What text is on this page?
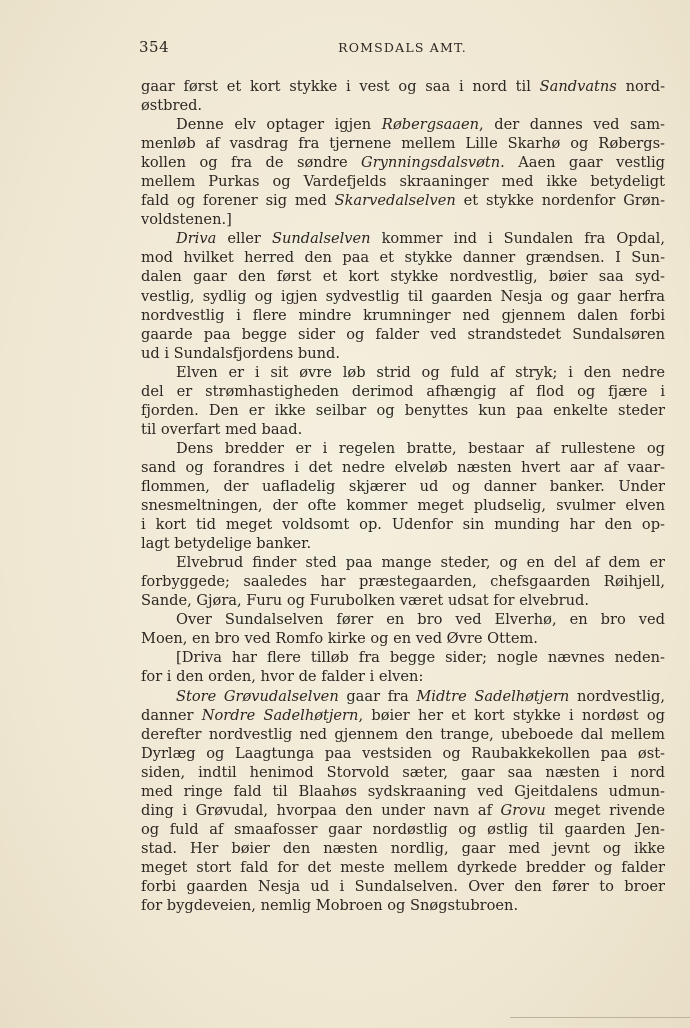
354	ROMSDALS AMT.
gaar først et kort stykke i vest og saa i nord til Sandvatns nord-
østbred.
Denne elv optager igjen Røbergsaaen, der dannes ved sam-
menløb af vasdrag fra tjernene mellem Lille Skarhø og Røbergs-
kollen og fra de søndre Grynningsdalsvøtn. Aaen gaar vestlig
mellem Purkas og Vardefjelds skraaninger med ikke betydeligt
fald og forener sig med Skarvedalselven et stykke nordenfor Grøn-
voldstenen.]
Driva eller Sundalselven kommer ind i Sundalen fra Opdal,
mod hvilket herred den paa et stykke danner grændsen. I Sun-
dalen gaar den først et kort stykke nordvestlig, bøier saa syd-
vestlig, sydlig og igjen sydvestlig til gaarden Nesja og gaar herfra
nordvestlig i flere mindre krumninger ned gjennem dalen forbi
gaarde paa begge sider og falder ved strandstedet Sundalsøren
ud i Sundalsfjordens bund.
Elven er i sit øvre løb strid og fuld af stryk; i den nedre
del er strømhastigheden derimod afhængig af flod og fjære i
fjorden. Den er ikke seilbar og benyttes kun paa enkelte steder
til overfart med baad.
Dens bredder er i regelen bratte, bestaar af rullestene og
sand og forandres i det nedre elveløb næsten hvert aar af vaar-
flommen, der uafladelig skjærer ud og danner banker. Under
snesmeltningen, der ofte kommer meget pludselig, svulmer elven
i kort tid meget voldsomt op. Udenfor sin munding har den op-
lagt betydelige banker.
Elvebrud finder sted paa mange steder, og en del af dem er
forbyggede; saaledes har præstegaarden, chefsgaarden Røihjell,
Sande, Gjøra, Furu og Furubolken været udsat for elvebrud.
Over Sundalselven fører en bro ved Elverhø, en bro ved
Moen, en bro ved Romfo kirke og en ved Øvre Ottem.
[Driva har flere tilløb fra begge sider; nogle nævnes neden-
for i den orden, hvor de falder i elven:
Store Grøvudalselven gaar fra Midtre Sadelhøtjern nordvestlig,
danner Nordre Sadelhøtjern, bøier her et kort stykke i nordøst og
derefter nordvestlig ned gjennem den trange, ubeboede dal mellem
Dyrlæg og Laagtunga paa vestsiden og Raubakkekollen paa øst-
siden, indtil henimod Storvold sæter, gaar saa næsten i nord
med ringe fald til Blaahøs sydskraaning ved Gjeitdalens udmun-
ding i Grøvudal, hvorpaa den under navn af Grovu meget rivende
og fuld af smaafosser gaar nordøstlig og østlig til gaarden Jen-
stad. Her bøier den næsten nordlig, gaar med jevnt og ikke
meget stort fald for det meste mellem dyrkede bredder og falder
forbi gaarden Nesja ud i Sundalselven. Over den fører to broer
for bygdeveien, nemlig Mobroen og Snøgstubroen.
